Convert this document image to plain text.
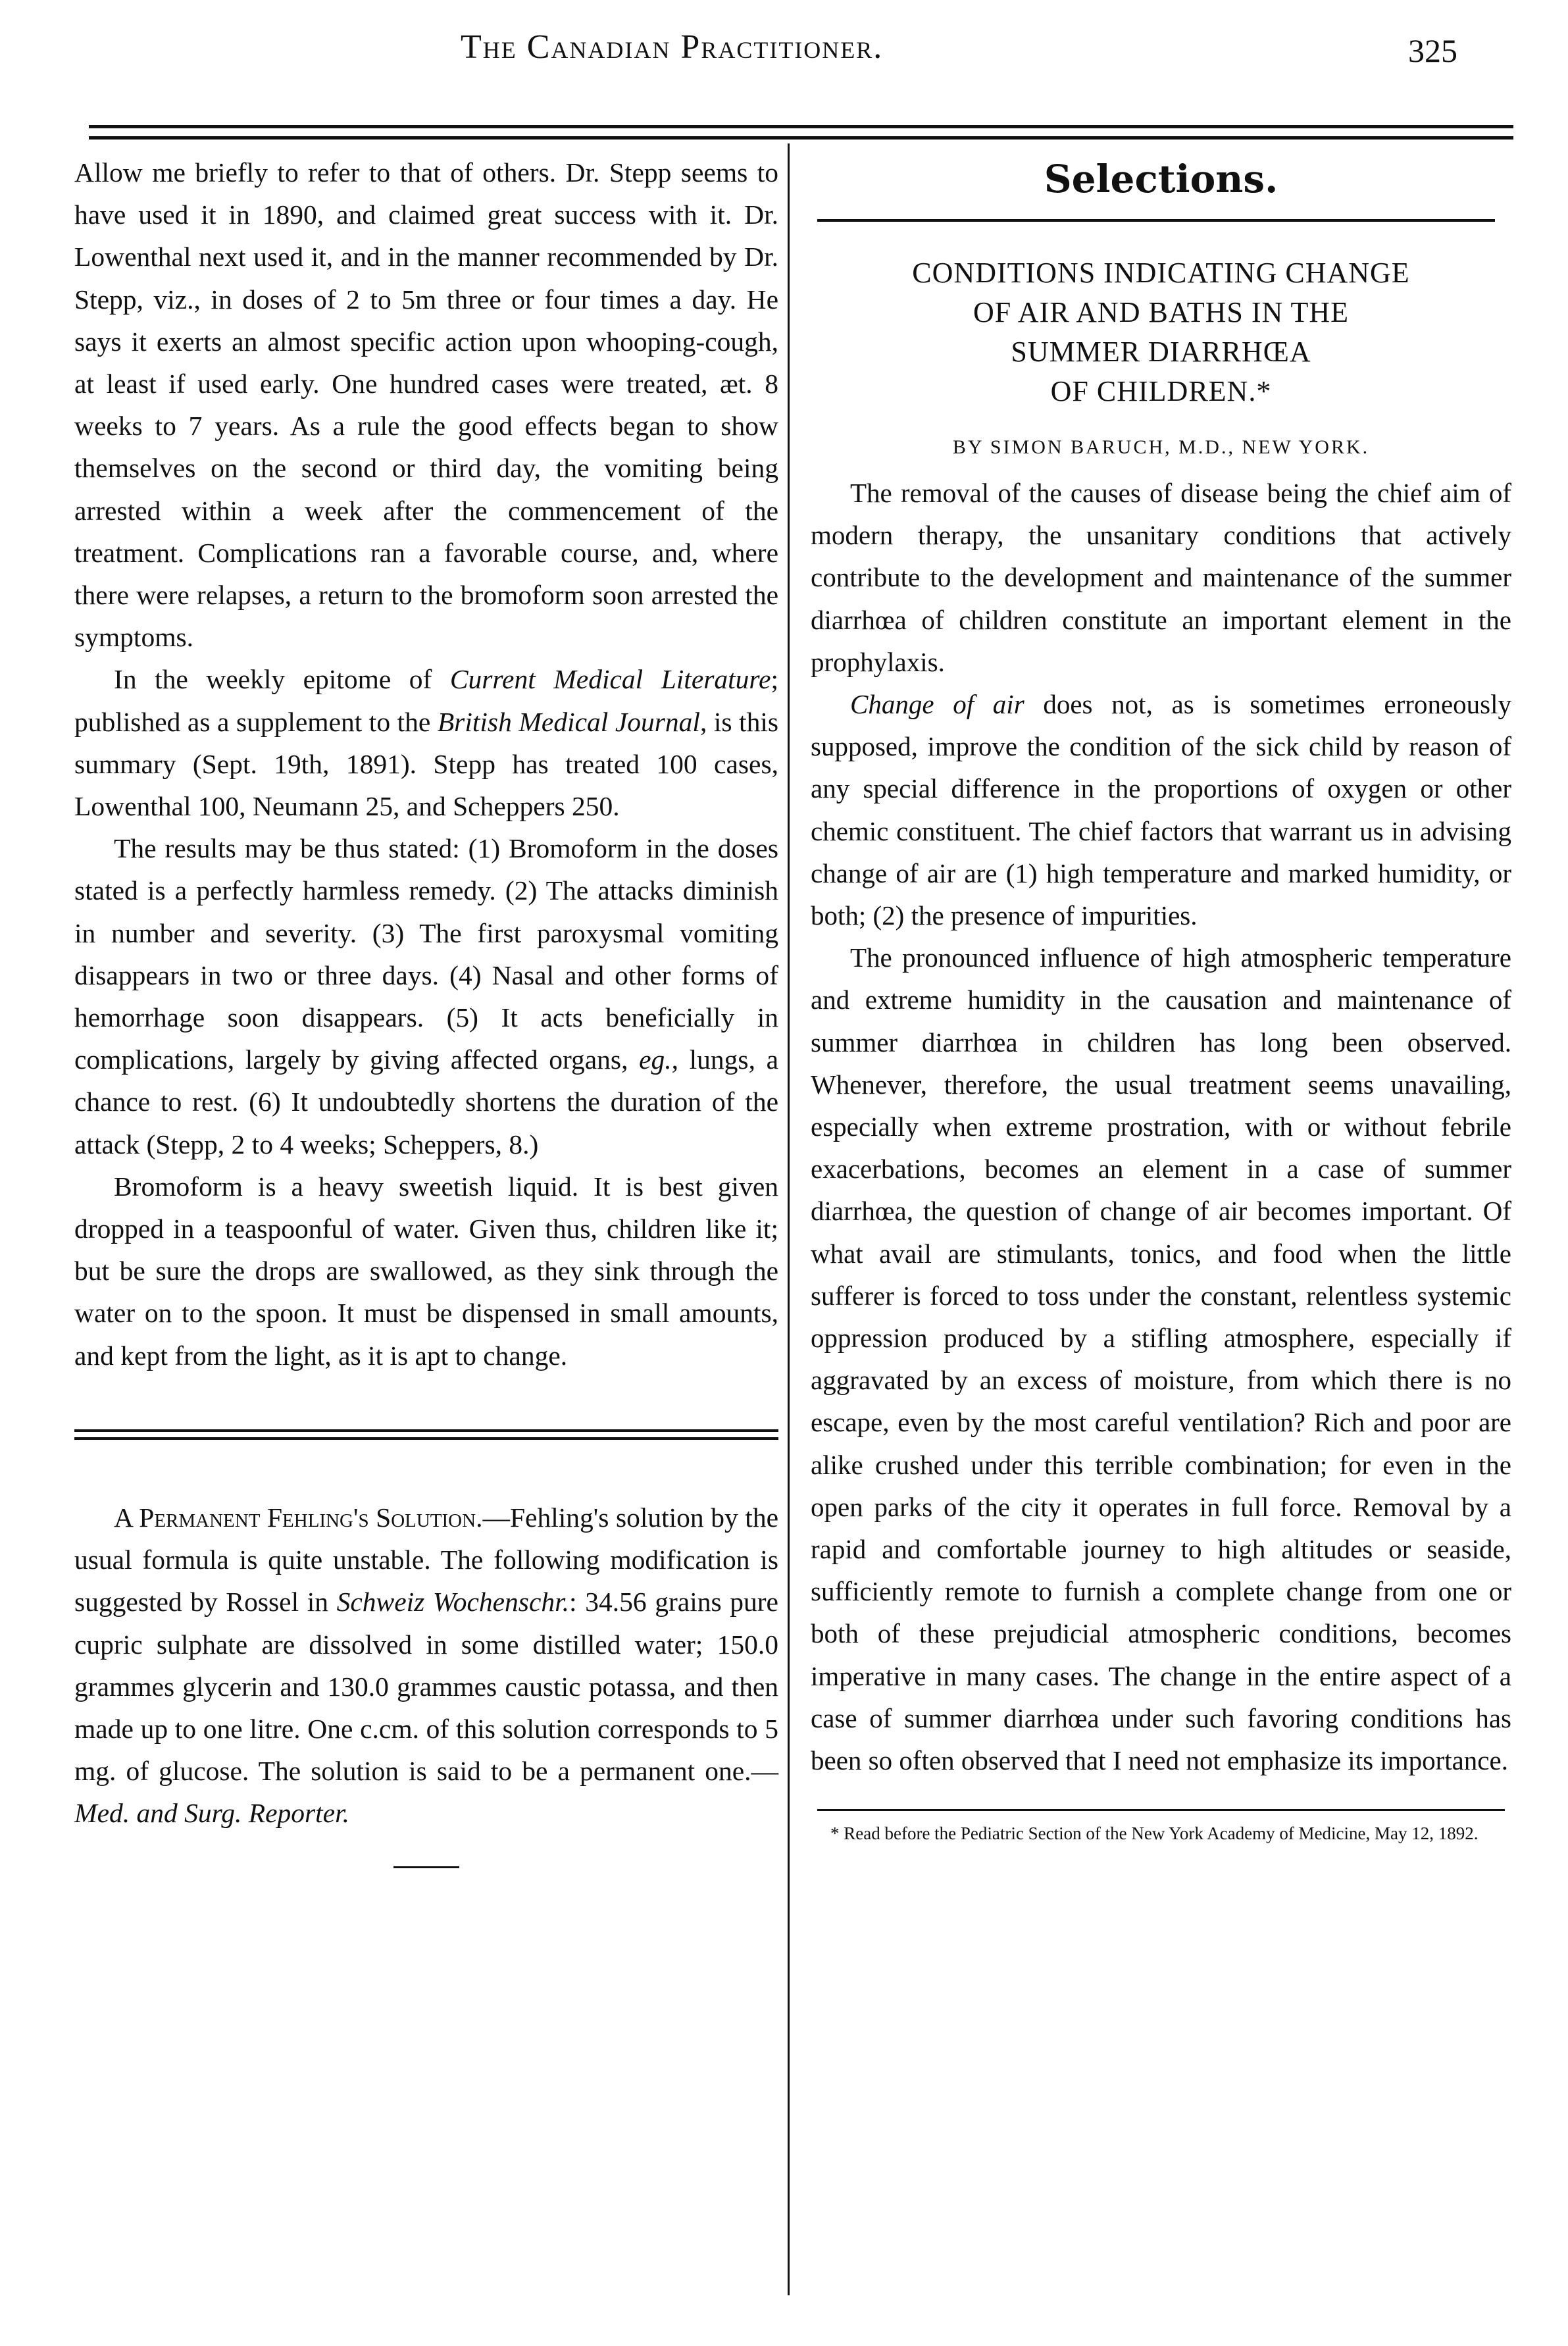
The Canadian Practitioner.	325

Allow me briefly to refer to that of others. Dr. Stepp seems to have used it in 1890, and claimed great success with it. Dr. Lowenthal next used it, and in the manner recommended by Dr. Stepp, viz., in doses of 2 to 5m three or four times a day. He says it exerts an almost specific action upon whooping-cough, at least if used early. One hundred cases were treated, æt. 8 weeks to 7 years. As a rule the good effects began to show themselves on the second or third day, the vomiting being arrested within a week after the commencement of the treatment. Complications ran a favorable course, and, where there were relapses, a return to the bromoform soon arrested the symptoms.

In the weekly epitome of Current Medical Literature; published as a supplement to the British Medical Journal, is this summary (Sept. 19th, 1891). Stepp has treated 100 cases, Lowenthal 100, Neumann 25, and Scheppers 250.

The results may be thus stated: (1) Bromoform in the doses stated is a perfectly harmless remedy. (2) The attacks diminish in number and severity. (3) The first paroxysmal vomiting disappears in two or three days. (4) Nasal and other forms of hemorrhage soon disappears. (5) It acts beneficially in complications, largely by giving affected organs, eg., lungs, a chance to rest. (6) It undoubtedly shortens the duration of the attack (Stepp, 2 to 4 weeks; Scheppers, 8.)

Bromoform is a heavy sweetish liquid. It is best given dropped in a teaspoonful of water. Given thus, children like it; but be sure the drops are swallowed, as they sink through the water on to the spoon. It must be dispensed in small amounts, and kept from the light, as it is apt to change.

A Permanent Fehling's Solution.—Fehling's solution by the usual formula is quite unstable. The following modification is suggested by Rossel in Schweiz Wochenschr.: 34.56 grains pure cupric sulphate are dissolved in some distilled water; 150.0 grammes glycerin and 130.0 grammes caustic potassa, and then made up to one litre. One c.cm. of this solution corresponds to 5 mg. of glucose. The solution is said to be a permanent one.—Med. and Surg. Reporter.

Selections.
CONDITIONS INDICATING CHANGE
OF AIR AND BATHS IN THE
SUMMER DIARRHŒA
OF CHILDREN.*
BY SIMON BARUCH, M.D., NEW YORK.

The removal of the causes of disease being the chief aim of modern therapy, the unsanitary conditions that actively contribute to the development and maintenance of the summer diarrhœa of children constitute an important element in the prophylaxis.

Change of air does not, as is sometimes erroneously supposed, improve the condition of the sick child by reason of any special difference in the proportions of oxygen or other chemic constituent. The chief factors that warrant us in advising change of air are (1) high temperature and marked humidity, or both; (2) the presence of impurities.

The pronounced influence of high atmospheric temperature and extreme humidity in the causation and maintenance of summer diarrhœa in children has long been observed. Whenever, therefore, the usual treatment seems unavailing, especially when extreme prostration, with or without febrile exacerbations, becomes an element in a case of summer diarrhœa, the question of change of air becomes important. Of what avail are stimulants, tonics, and food when the little sufferer is forced to toss under the constant, relentless systemic oppression produced by a stifling atmosphere, especially if aggravated by an excess of moisture, from which there is no escape, even by the most careful ventilation? Rich and poor are alike crushed under this terrible combination; for even in the open parks of the city it operates in full force. Removal by a rapid and comfortable journey to high altitudes or seaside, sufficiently remote to furnish a complete change from one or both of these prejudicial atmospheric conditions, becomes imperative in many cases. The change in the entire aspect of a case of summer diarrhœa under such favoring conditions has been so often observed that I need not emphasize its importance.

* Read before the Pediatric Section of the New York Academy of Medicine, May 12, 1892.
